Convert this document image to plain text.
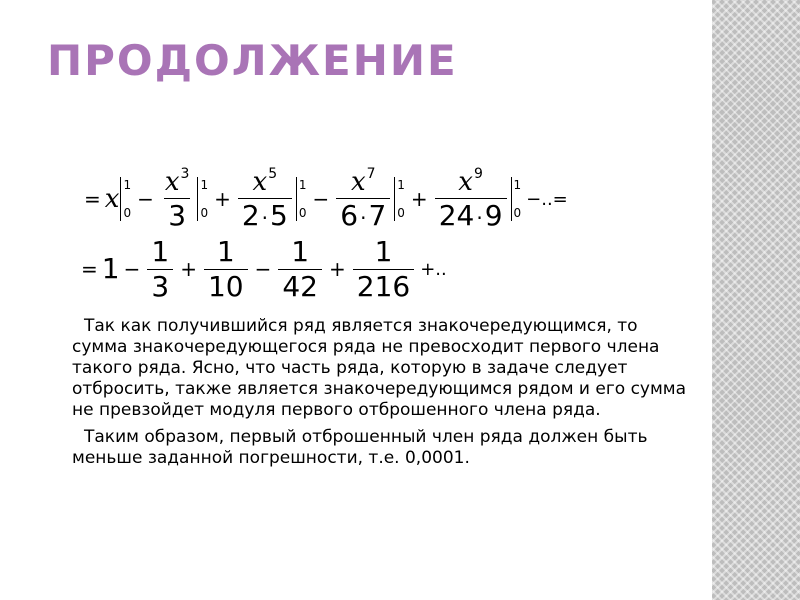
ПРОДОЛЖЕНИЕ
= x 1
0
− $\frac{x^3}{3} 1$
0
+ $\frac{x^5}{2 \cdot 5} 1$
0
− $\frac{x^7}{6 \cdot 7} 1$
0
+ $\frac{x^9}{24 \cdot 9} 1$
0
−..=
= $1 - \frac{1}{3} + \frac{1}{10} - \frac{1}{42} + \frac{1}{216}$ +..

Так как получившийся ряд является знакочередующимся, то сумма знакочередующегося ряда не превосходит первого члена такого ряда. Ясно, что часть ряда, которую в задаче следует отбросить, также является знакочередующимся рядом и его сумма не превзойдет модуля первого отброшенного члена ряда.

Таким образом, первый отброшенный член ряда должен быть меньше заданной погрешности, т.е. 0,0001.
